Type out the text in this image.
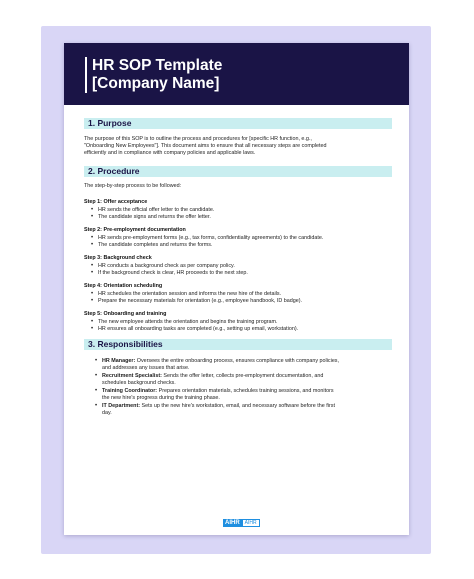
HR SOP Template
[Company Name]
1. Purpose

The purpose of this SOP is to outline the process and procedures for [specific HR function, e.g.,
"Onboarding New Employees"]. This document aims to ensure that all necessary steps are completed
efficiently and in compliance with company policies and applicable laws.

2. Procedure

The step-by-step process to be followed:

Step 1: Offer acceptance
• HR sends the official offer letter to the candidate.
• The candidate signs and returns the offer letter.
Step 2: Pre-employment documentation
• HR sends pre-employment forms (e.g., tax forms, confidentiality agreements) to the candidate.
• The candidate completes and returns the forms.
Step 3: Background check
• HR conducts a background check as per company policy.
• If the background check is clear, HR proceeds to the next step.
Step 4: Orientation scheduling
• HR schedules the orientation session and informs the new hire of the details.
• Prepare the necessary materials for orientation (e.g., employee handbook, ID badge).
Step 5: Onboarding and training
• The new employee attends the orientation and begins the training program.
• HR ensures all onboarding tasks are completed (e.g., setting up email, workstation).
3. Responsibilities
• HR Manager: Oversees the entire onboarding process, ensures compliance with company policies,
and addresses any issues that arise.
• Recruitment Specialist: Sends the offer letter, collects pre-employment documentation, and
schedules background checks.
• Training Coordinator: Prepares orientation materials, schedules training sessions, and monitors
the new hire's progress during the training phase.
• IT Department: Sets up the new hire's workstation, email, and necessary software before the first
day.
AIHR	AIHR
